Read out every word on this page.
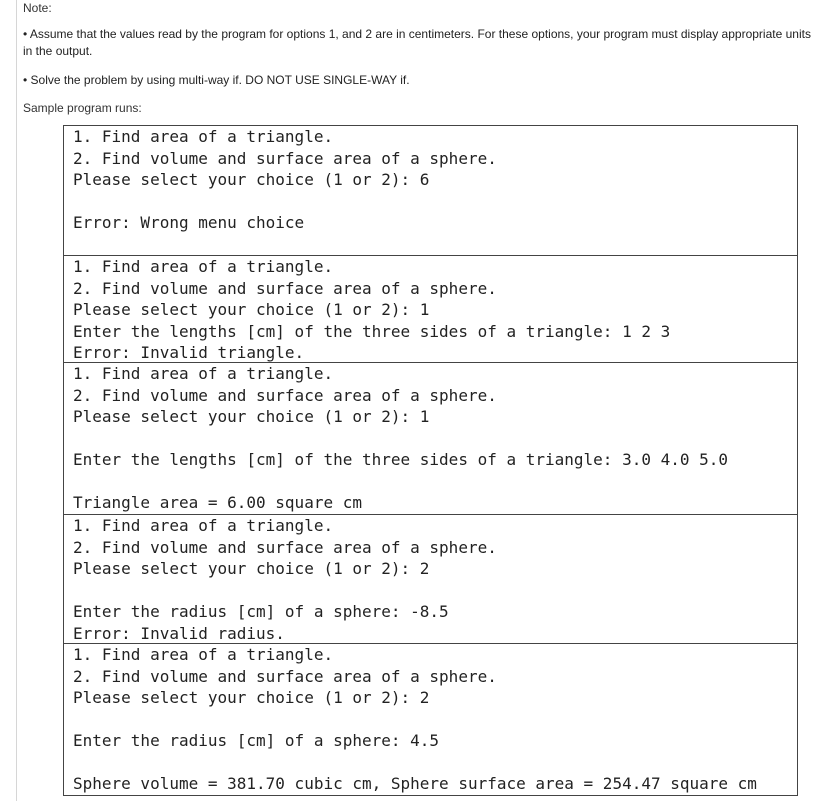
Note:
• Assume that the values read by the program for options 1, and 2 are in centimeters. For these options, your program must display appropriate units in the output.
• Solve the problem by using multi-way if. DO NOT USE SINGLE-WAY if.
Sample program runs:
1. Find area of a triangle.
2. Find volume and surface area of a sphere.
Please select your choice (1 or 2): 6
Error: Wrong menu choice
1. Find area of a triangle.
2. Find volume and surface area of a sphere.
Please select your choice (1 or 2): 1
Enter the lengths [cm] of the three sides of a triangle: 1 2 3
Error: Invalid triangle.
1. Find area of a triangle.
2. Find volume and surface area of a sphere.
Please select your choice (1 or 2): 1
Enter the lengths [cm] of the three sides of a triangle: 3.0 4.0 5.0
Triangle area = 6.00 square cm
1. Find area of a triangle.
2. Find volume and surface area of a sphere.
Please select your choice (1 or 2): 2
Enter the radius [cm] of a sphere: -8.5
Error: Invalid radius.
1. Find area of a triangle.
2. Find volume and surface area of a sphere.
Please select your choice (1 or 2): 2
Enter the radius [cm] of a sphere: 4.5
Sphere volume = 381.70 cubic cm, Sphere surface area = 254.47 square cm
